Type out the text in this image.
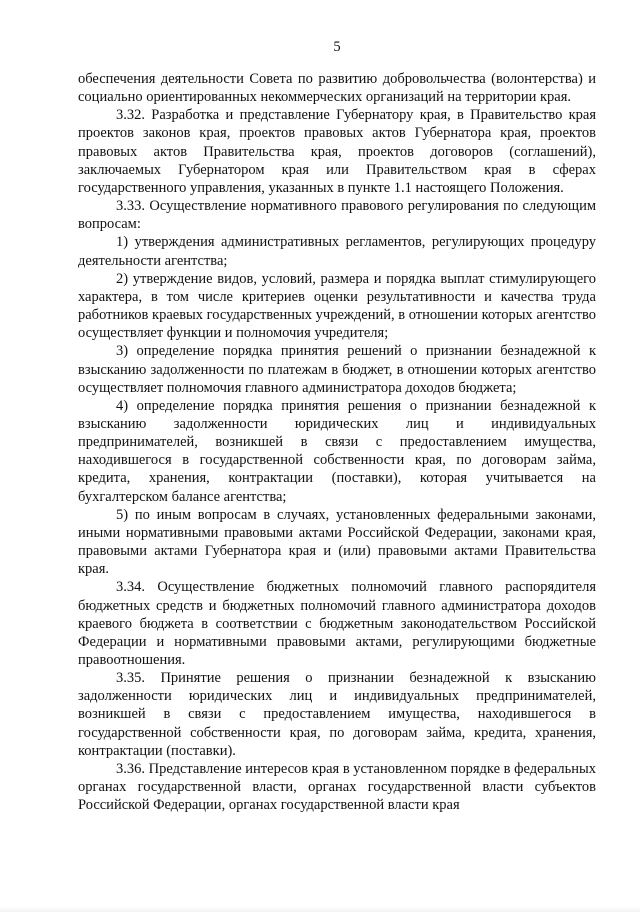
5

обеспечения деятельности Совета по развитию добровольчества (волонтерства) и социально ориентированных некоммерческих организаций на территории края.

3.32. Разработка и представление Губернатору края, в Правительство края проектов законов края, проектов правовых актов Губернатора края, проектов правовых актов Правительства края, проектов договоров (соглашений), заключаемых Губернатором края или Правительством края в сферах государственного управления, указанных в пункте 1.1 настоящего Положения.

3.33. Осуществление нормативного правового регулирования по следующим вопросам:

1) утверждения административных регламентов, регулирующих процедуру деятельности агентства;

2) утверждение видов, условий, размера и порядка выплат стимулирующего характера, в том числе критериев оценки результативности и качества труда работников краевых государственных учреждений, в отношении которых агентство осуществляет функции и полномочия учредителя;

3) определение порядка принятия решений о признании безнадежной к взысканию задолженности по платежам в бюджет, в отношении которых агентство осуществляет полномочия главного администратора доходов бюджета;

4) определение порядка принятия решения о признании безнадежной к взысканию задолженности юридических лиц и индивидуальных предпринимателей, возникшей в связи с предоставлением имущества, находившегося в государственной собственности края, по договорам займа, кредита, хранения, контрактации (поставки), которая учитывается на бухгалтерском балансе агентства;

5) по иным вопросам в случаях, установленных федеральными законами, иными нормативными правовыми актами Российской Федерации, законами края, правовыми актами Губернатора края и (или) правовыми актами Правительства края.

3.34. Осуществление бюджетных полномочий главного распорядителя бюджетных средств и бюджетных полномочий главного администратора доходов краевого бюджета в соответствии с бюджетным законодательством Российской Федерации и нормативными правовыми актами, регулирующими бюджетные правоотношения.

3.35. Принятие решения о признании безнадежной к взысканию задолженности юридических лиц и индивидуальных предпринимателей, возникшей в связи с предоставлением имущества, находившегося в государственной собственности края, по договорам займа, кредита, хранения, контрактации (поставки).

3.36. Представление интересов края в установленном порядке в федеральных органах государственной власти, органах государственной власти субъектов Российской Федерации, органах государственной власти края
